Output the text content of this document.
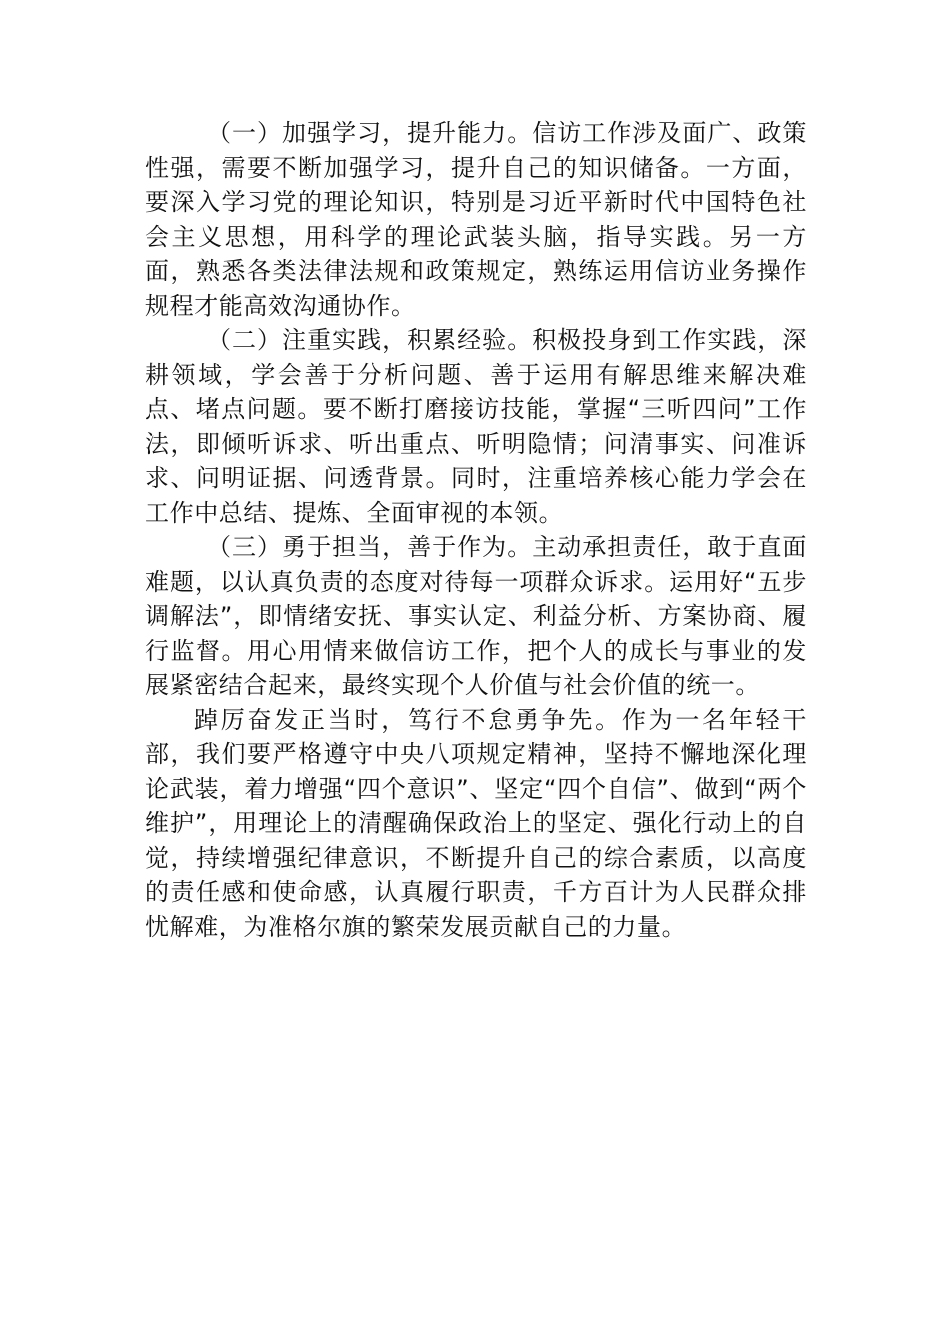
（一）加强学习，提升能力。信访工作涉及面广、政策性强，需要不断加强学习，提升自己的知识储备。一方面，要深入学习党的理论知识，特别是习近平新时代中国特色社会主义思想，用科学的理论武装头脑，指导实践。另一方面，熟悉各类法律法规和政策规定，熟练运用信访业务操作规程才能高效沟通协作。

（二）注重实践，积累经验。积极投身到工作实践，深耕领域，学会善于分析问题、善于运用有解思维来解决难点、堵点问题。要不断打磨接访技能，掌握“三听四问”工作法，即倾听诉求、听出重点、听明隐情；问清事实、问准诉求、问明证据、问透背景。同时，注重培养核心能力学会在工作中总结、提炼、全面审视的本领。

（三）勇于担当，善于作为。主动承担责任，敢于直面难题，以认真负责的态度对待每一项群众诉求。运用好“五步调解法”，即情绪安抚、事实认定、利益分析、方案协商、履行监督。用心用情来做信访工作，把个人的成长与事业的发展紧密结合起来，最终实现个人价值与社会价值的统一。

踔厉奋发正当时，笃行不怠勇争先。作为一名年轻干部，我们要严格遵守中央八项规定精神，坚持不懈地深化理论武装，着力增强“四个意识”、坚定“四个自信”、做到“两个维护”，用理论上的清醒确保政治上的坚定、强化行动上的自觉，持续增强纪律意识，不断提升自己的综合素质，以高度的责任感和使命感，认真履行职责，千方百计为人民群众排忧解难，为准格尔旗的繁荣发展贡献自己的力量。
